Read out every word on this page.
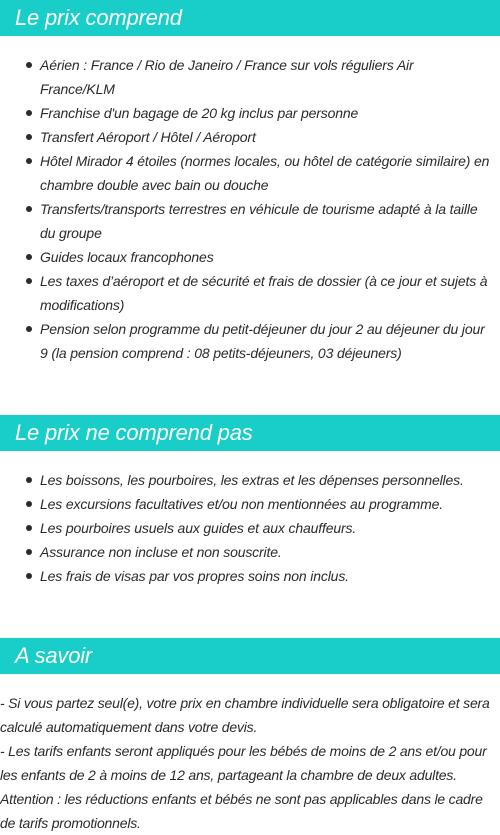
Le prix comprend
Aérien : France / Rio de Janeiro / France sur vols réguliers Air France/KLM
Franchise d'un bagage de 20 kg inclus par personne
Transfert Aéroport / Hôtel / Aéroport
Hôtel Mirador 4 étoiles (normes locales, ou hôtel de catégorie similaire) en chambre double avec bain ou douche
Transferts/transports terrestres en véhicule de tourisme adapté à la taille du groupe
Guides locaux francophones
Les taxes d’aéroport et de sécurité et frais de dossier (à ce jour et sujets à modifications)
Pension selon programme du petit-déjeuner du jour 2 au déjeuner du jour 9 (la pension comprend : 08 petits-déjeuners, 03 déjeuners)
Le prix ne comprend pas
Les boissons, les pourboires, les extras et les dépenses personnelles.
Les excursions facultatives et/ou non mentionnées au programme.
Les pourboires usuels aux guides et aux chauffeurs.
Assurance non incluse et non souscrite.
Les frais de visas par vos propres soins non inclus.
A savoir

- Si vous partez seul(e), votre prix en chambre individuelle sera obligatoire et sera calculé automatiquement dans votre devis.

- Les tarifs enfants seront appliqués pour les bébés de moins de 2 ans et/ou pour les enfants de 2 à moins de 12 ans, partageant la chambre de deux adultes.

Attention : les réductions enfants et bébés ne sont pas applicables dans le cadre de tarifs promotionnels.
